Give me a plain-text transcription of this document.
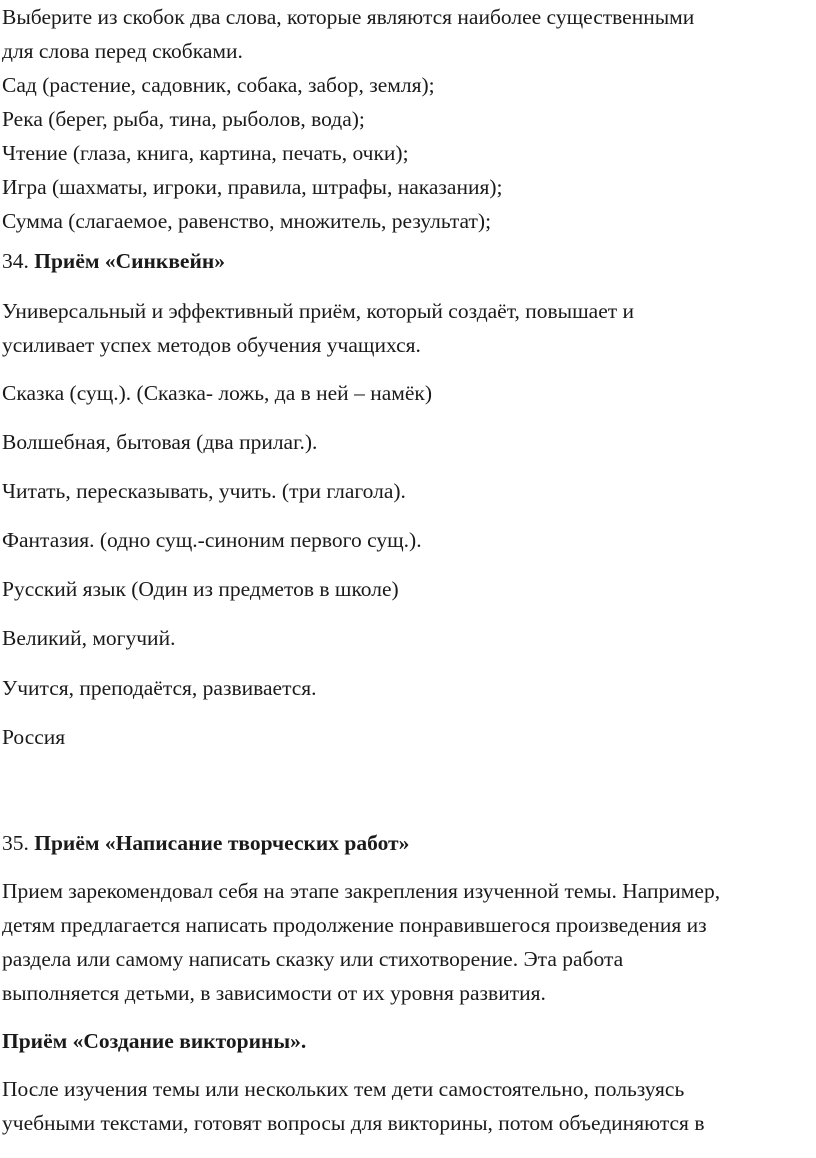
Выберите из скобок два слова, которые являются наиболее существенными
для слова перед скобками.
Сад (растение, садовник, собака, забор, земля);
Река (берег, рыба, тина, рыболов, вода);
Чтение (глаза, книга, картина, печать, очки);
Игра (шахматы, игроки, правила, штрафы, наказания);
Сумма (слагаемое, равенство, множитель, результат);
34. Приём «Синквейн»
Универсальный и эффективный приём, который создаёт, повышает и
усиливает успех методов обучения учащихся.
Сказка (сущ.). (Сказка- ложь, да в ней – намёк)
Волшебная, бытовая (два прилаг.).
Читать, пересказывать, учить. (три глагола).
Фантазия. (одно сущ.-синоним первого сущ.).
Русский язык (Один из предметов в школе)
Великий, могучий.
Учится, преподаётся, развивается.
Россия
35. Приём «Написание творческих работ»
Прием зарекомендовал себя на этапе закрепления изученной темы. Например,
детям предлагается написать продолжение понравившегося произведения из
раздела или самому написать сказку или стихотворение. Эта работа
выполняется детьми, в зависимости от их уровня развития.
Приём «Создание викторины».
После изучения темы или нескольких тем дети самостоятельно, пользуясь
учебными текстами, готовят вопросы для викторины, потом объединяются в
